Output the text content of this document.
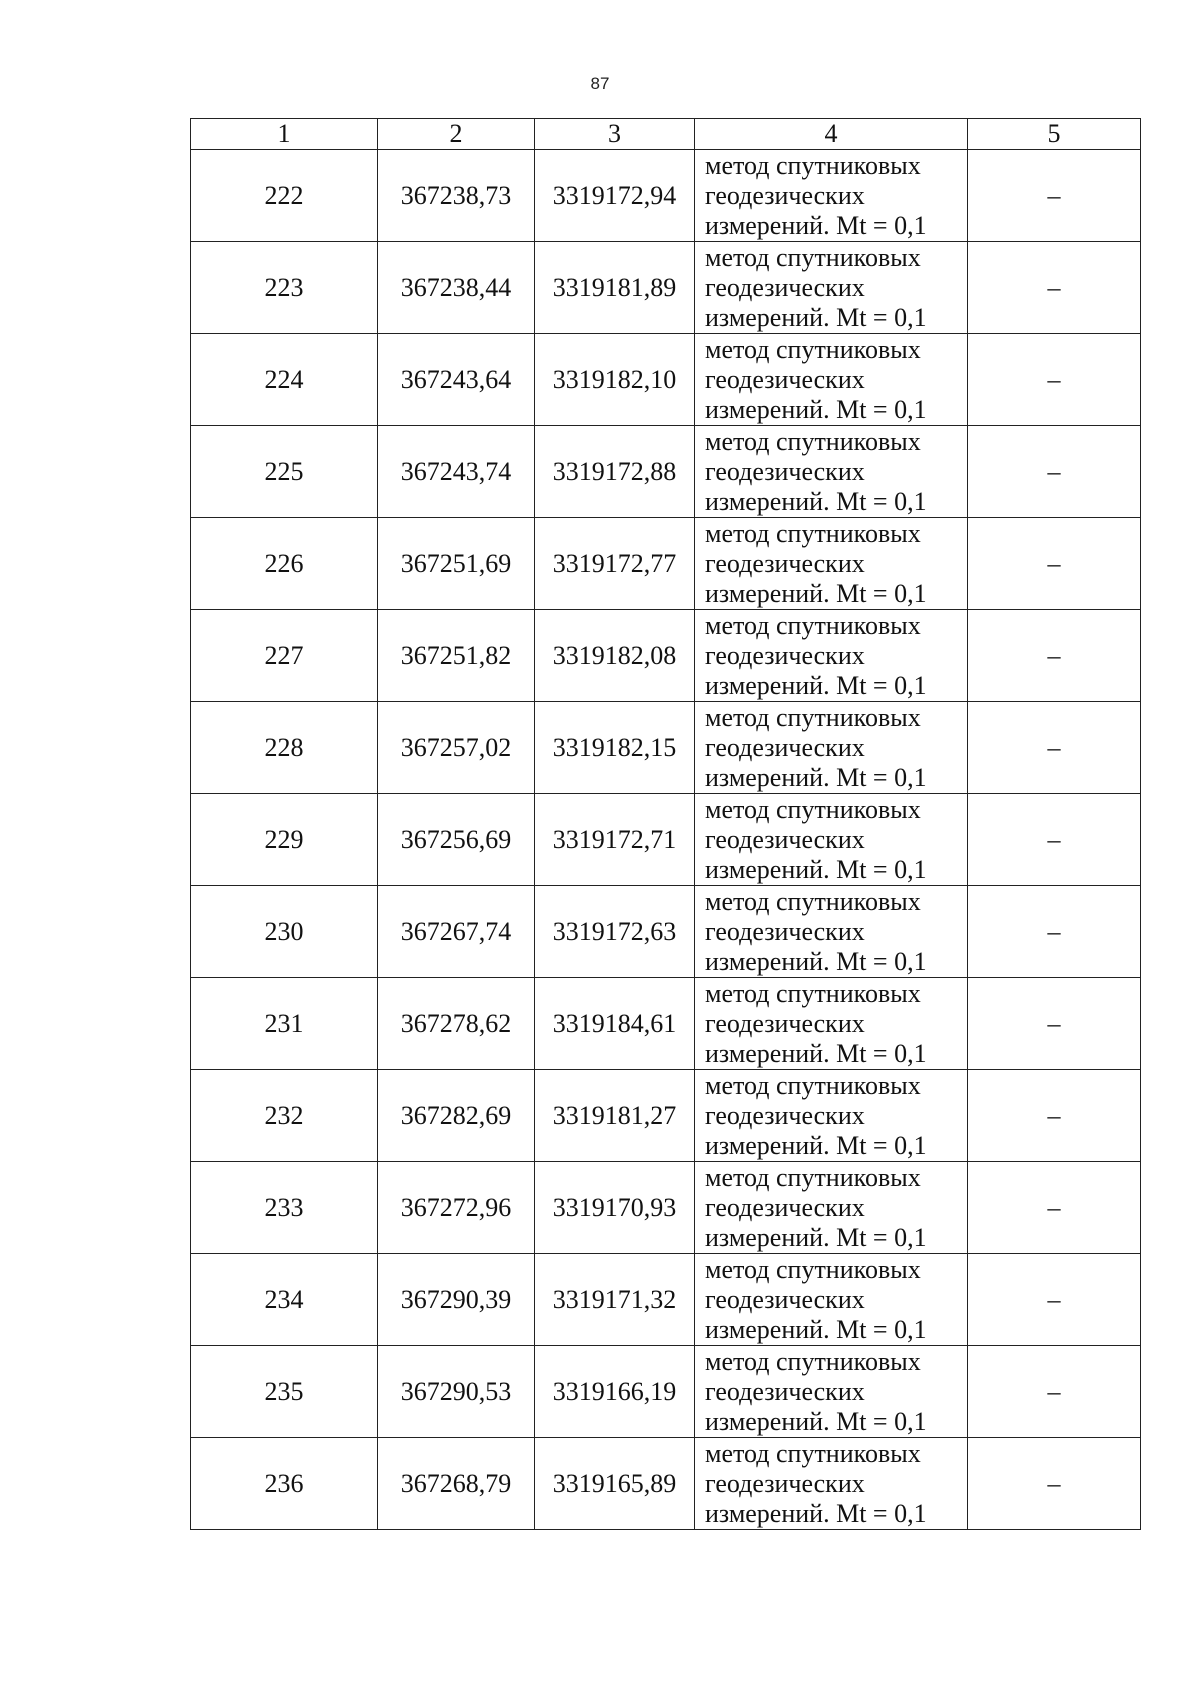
87
1	2	3	4	5
222	367238,73	3319172,94	метод спутниковых
геодезических
измерений. Mt = 0,1	–
223	367238,44	3319181,89	метод спутниковых
геодезических
измерений. Mt = 0,1	–
224	367243,64	3319182,10	метод спутниковых
геодезических
измерений. Mt = 0,1	–
225	367243,74	3319172,88	метод спутниковых
геодезических
измерений. Mt = 0,1	–
226	367251,69	3319172,77	метод спутниковых
геодезических
измерений. Mt = 0,1	–
227	367251,82	3319182,08	метод спутниковых
геодезических
измерений. Mt = 0,1	–
228	367257,02	3319182,15	метод спутниковых
геодезических
измерений. Mt = 0,1	–
229	367256,69	3319172,71	метод спутниковых
геодезических
измерений. Mt = 0,1	–
230	367267,74	3319172,63	метод спутниковых
геодезических
измерений. Mt = 0,1	–
231	367278,62	3319184,61	метод спутниковых
геодезических
измерений. Mt = 0,1	–
232	367282,69	3319181,27	метод спутниковых
геодезических
измерений. Mt = 0,1	–
233	367272,96	3319170,93	метод спутниковых
геодезических
измерений. Mt = 0,1	–
234	367290,39	3319171,32	метод спутниковых
геодезических
измерений. Mt = 0,1	–
235	367290,53	3319166,19	метод спутниковых
геодезических
измерений. Mt = 0,1	–
236	367268,79	3319165,89	метод спутниковых
геодезических
измерений. Mt = 0,1	–
